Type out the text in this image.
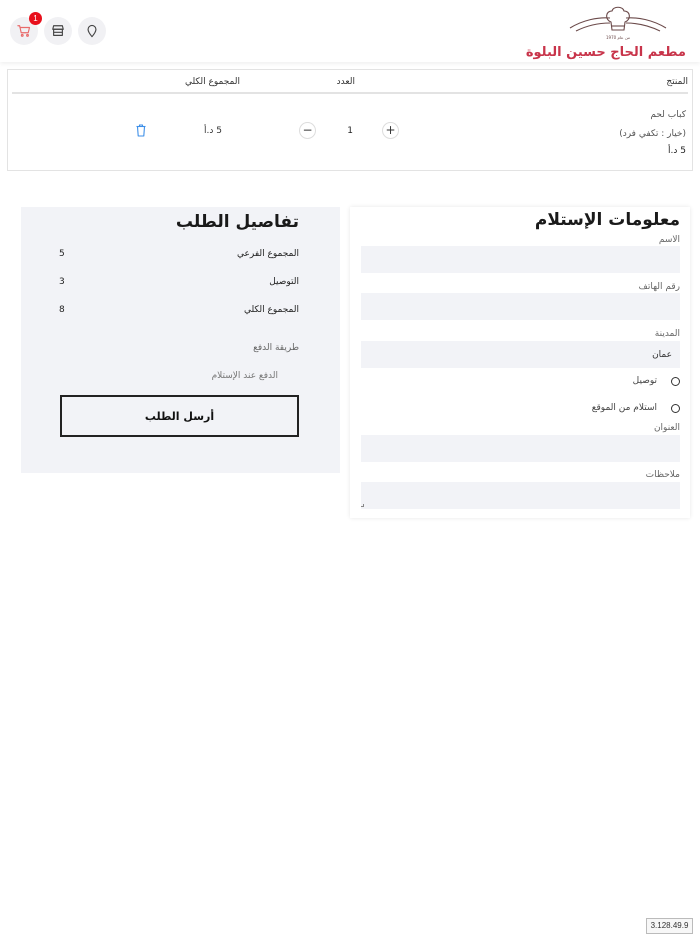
1
من عام 1970
مطعم الحاج حسين البلوة
المنتج
العدد
المجموع الكلي
كباب لحم
(خيار : تكفي فرد)
5 د.أ
+
1
−
5 د.أ
تفاصيل الطلب
المجموع الفرعي
5
التوصيل
3
المجموع الكلي
8
طريقة الدفع
الدفع عند الإستلام
أرسل الطلب
معلومات الإستلام
الاسم
رقم الهاتف
المدينة
عمان
توصيل
استلام من الموقع
العنوان
ملاحظات
3.128.49.9
